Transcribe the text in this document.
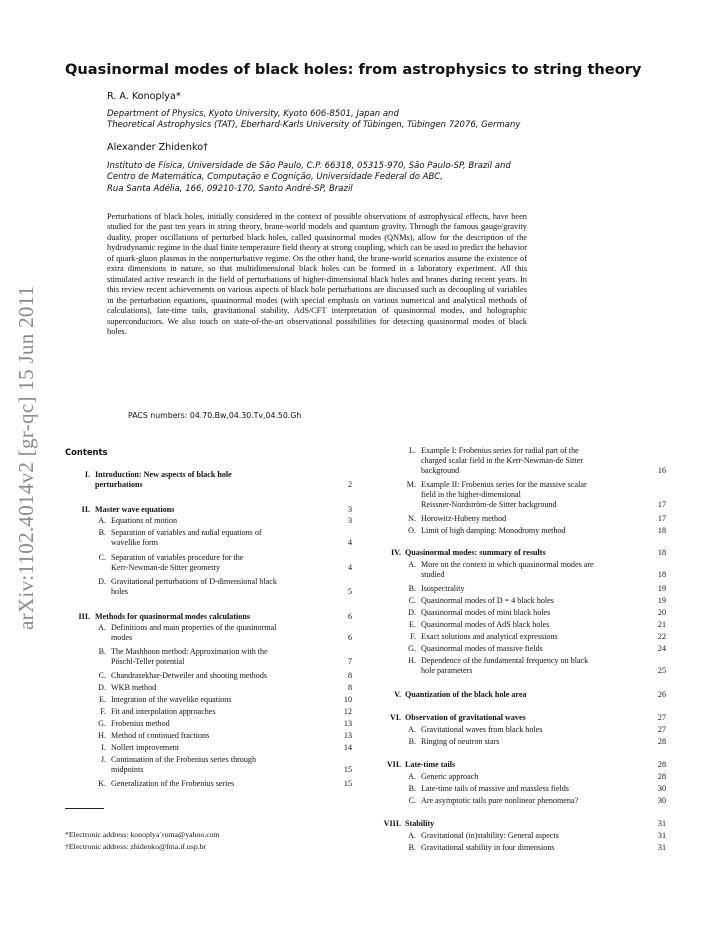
arXiv:1102.4014v2 [gr-qc] 15 Jun 2011
Quasinormal modes of black holes: from astrophysics to string theory
R. A. Konoplya*
Department of Physics, Kyoto University, Kyoto 606-8501, Japan and
Theoretical Astrophysics (TAT), Eberhard-Karls University of Tübingen, Tübingen 72076, Germany
Alexander Zhidenko†
Instituto de Física, Universidade de São Paulo, C.P. 66318, 05315-970, São Paulo-SP, Brazil and
Centro de Matemática, Computação e Cognição, Universidade Federal do ABC,
Rua Santa Adélia, 166, 09210-170, Santo André-SP, Brazil
Perturbations of black holes, initially considered in the context of possible observations of astrophysical effects, have been studied for the past ten years in string theory, brane-world models and quantum gravity. Through the famous gauge/gravity duality, proper oscillations of perturbed black holes, called quasinormal modes (QNMs), allow for the description of the hydrodynamic regime in the dual finite temperature field theory at strong coupling, which can be used to predict the behavior of quark-gluon plasmas in the nonperturbative regime. On the other hand, the brane-world scenarios assume the existence of extra dimensions in nature, so that multidimensional black holes can be formed in a laboratory experiment. All this stimulated active research in the field of perturbations of higher-dimensional black holes and branes during recent years. In this review recent achievements on various aspects of black hole perturbations are discussed such as decoupling of variables in the perturbation equations, quasinormal modes (with special emphasis on various numerical and analytical methods of calculations), late-time tails, gravitational stability, AdS/CFT interpretation of quasinormal modes, and holographic superconductors. We also touch on state-of-the-art observational possibilities for detecting quasinormal modes of black holes.
PACS numbers: 04.70.Bw,04.30.Tv,04.50.Gh
Contents
*Electronic address: konoplya˙roma@yahoo.com
†Electronic address: zhidenko@fma.if.usp.br
I. Introduction: New aspects of black hole
perturbations	2
II. Master wave equations	3
A. Equations of motion	3
B. Separation of variables and radial equations of
wavelike form	4
C. Separation of variables procedure for the
Kerr-Newman-de Sitter geometry	4
D. Gravitational perturbations of D-dimensional black
holes	5
III. Methods for quasinormal modes calculations	6
A. Definitions and main properties of the quasinormal
modes	6
B. The Mashhoon method: Approximation with the
Pöschl-Teller potential	7
C. Chandrasekhar-Detweiler and shooting methods	8
D. WKB method	8
E. Integration of the wavelike equations	10
F. Fit and interpolation approaches	12
G. Frobenius method	13
H. Method of continued fractions	13
I. Nollert improvement	14
J. Continuation of the Frobenius series through
midpoints	15
K. Generalization of the Frobenius series	15
L. Example I: Frobenius series for radial part of the
charged scalar field in the Kerr-Newman-de Sitter
background	16
M. Example II: Frobenius series for the massive scalar
field in the higher-dimensional
Reissner-Nordström-de Sitter background	17
N. Horowitz-Hubeny method	17
O. Limit of high damping: Monodromy method	18
IV. Quasinormal modes: summary of results	18
A. More on the context in which quasinormal modes are
studied	18
B. Isospectrality	19
C. Quasinormal modes of D = 4 black holes	19
D. Quasinormal modes of mini black holes	20
E. Quasinormal modes of AdS black holes	21
F. Exact solutions and analytical expressions	22
G. Quasinormal modes of massive fields	24
H. Dependence of the fundamental frequency on black
hole parameters	25
V. Quantization of the black hole area	26
VI. Observation of gravitational waves	27
A. Gravitational waves from black holes	27
B. Ringing of neutron stars	28
VII. Late-time tails	28
A. Generic approach	28
B. Late-time tails of massive and massless fields	30
C. Are asymptotic tails pure nonlinear phenomena?	30
VIII. Stability	31
A. Gravitational (in)stability: General aspects	31
B. Gravitational stability in four dimensions	31
